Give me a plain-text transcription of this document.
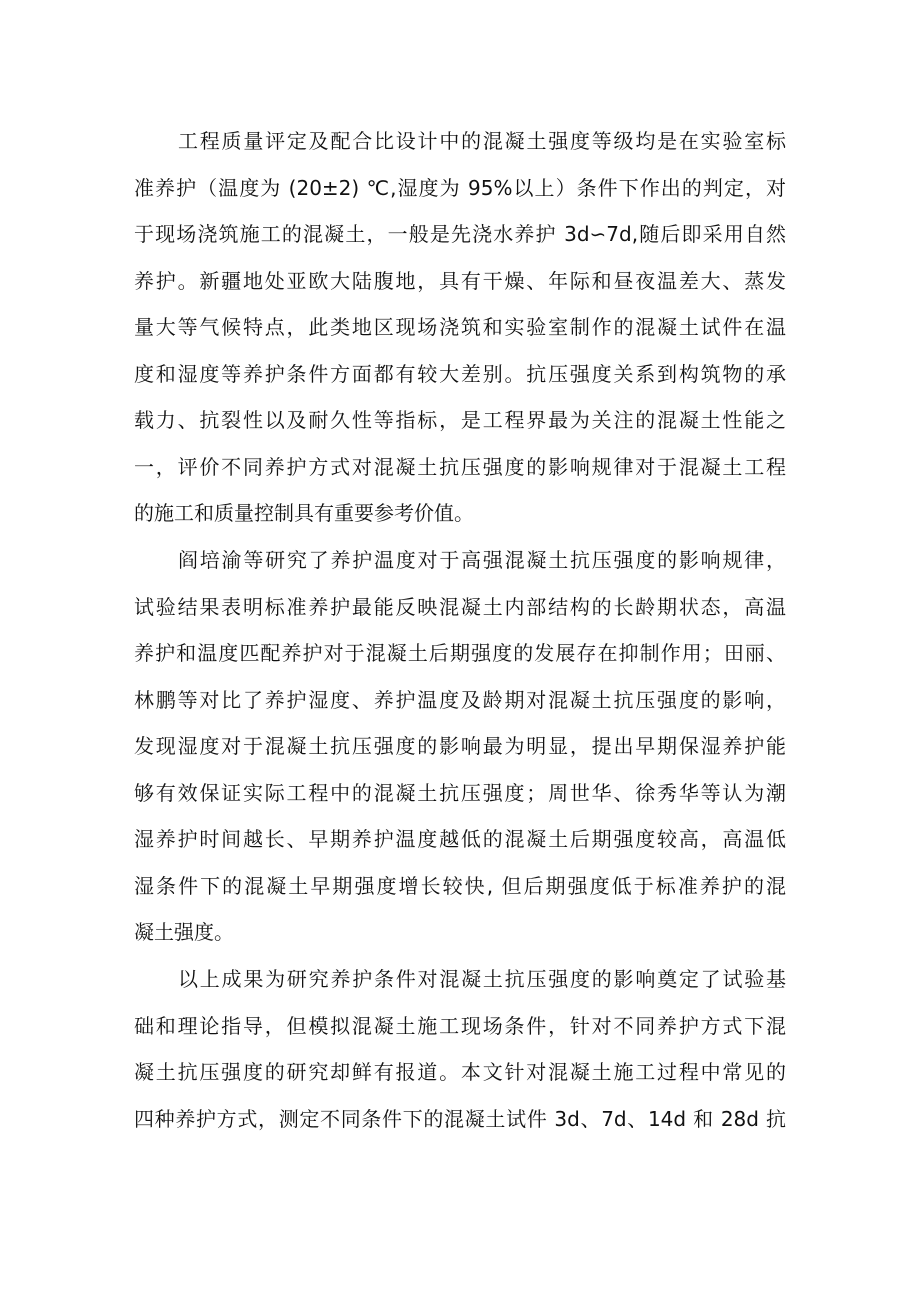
工程质量评定及配合比设计中的混凝土强度等级均是在实验室标
准养护（温度为 (20±2) ℃,湿度为 95%以上）条件下作出的判定，对
于现场浇筑施工的混凝土，一般是先浇水养护 3d∽7d,随后即采用自然
养护。新疆地处亚欧大陆腹地，具有干燥、年际和昼夜温差大、蒸发
量大等气候特点，此类地区现场浇筑和实验室制作的混凝土试件在温
度和湿度等养护条件方面都有较大差别。抗压强度关系到构筑物的承
载力、抗裂性以及耐久性等指标，是工程界最为关注的混凝土性能之
一，评价不同养护方式对混凝土抗压强度的影响规律对于混凝土工程
的施工和质量控制具有重要参考价值。
阎培渝等研究了养护温度对于高强混凝土抗压强度的影响规律，
试验结果表明标准养护最能反映混凝土内部结构的长龄期状态，高温
养护和温度匹配养护对于混凝土后期强度的发展存在抑制作用；田丽、
林鹏等对比了养护湿度、养护温度及龄期对混凝土抗压强度的影响，
发现湿度对于混凝土抗压强度的影响最为明显，提出早期保湿养护能
够有效保证实际工程中的混凝土抗压强度；周世华、徐秀华等认为潮
湿养护时间越长、早期养护温度越低的混凝土后期强度较高，高温低
湿条件下的混凝土早期强度增长较快, 但后期强度低于标准养护的混
凝土强度。
以上成果为研究养护条件对混凝土抗压强度的影响奠定了试验基
础和理论指导，但模拟混凝土施工现场条件，针对不同养护方式下混
凝土抗压强度的研究却鲜有报道。本文针对混凝土施工过程中常见的
四种养护方式，测定不同条件下的混凝土试件 3d、7d、14d 和 28d 抗
